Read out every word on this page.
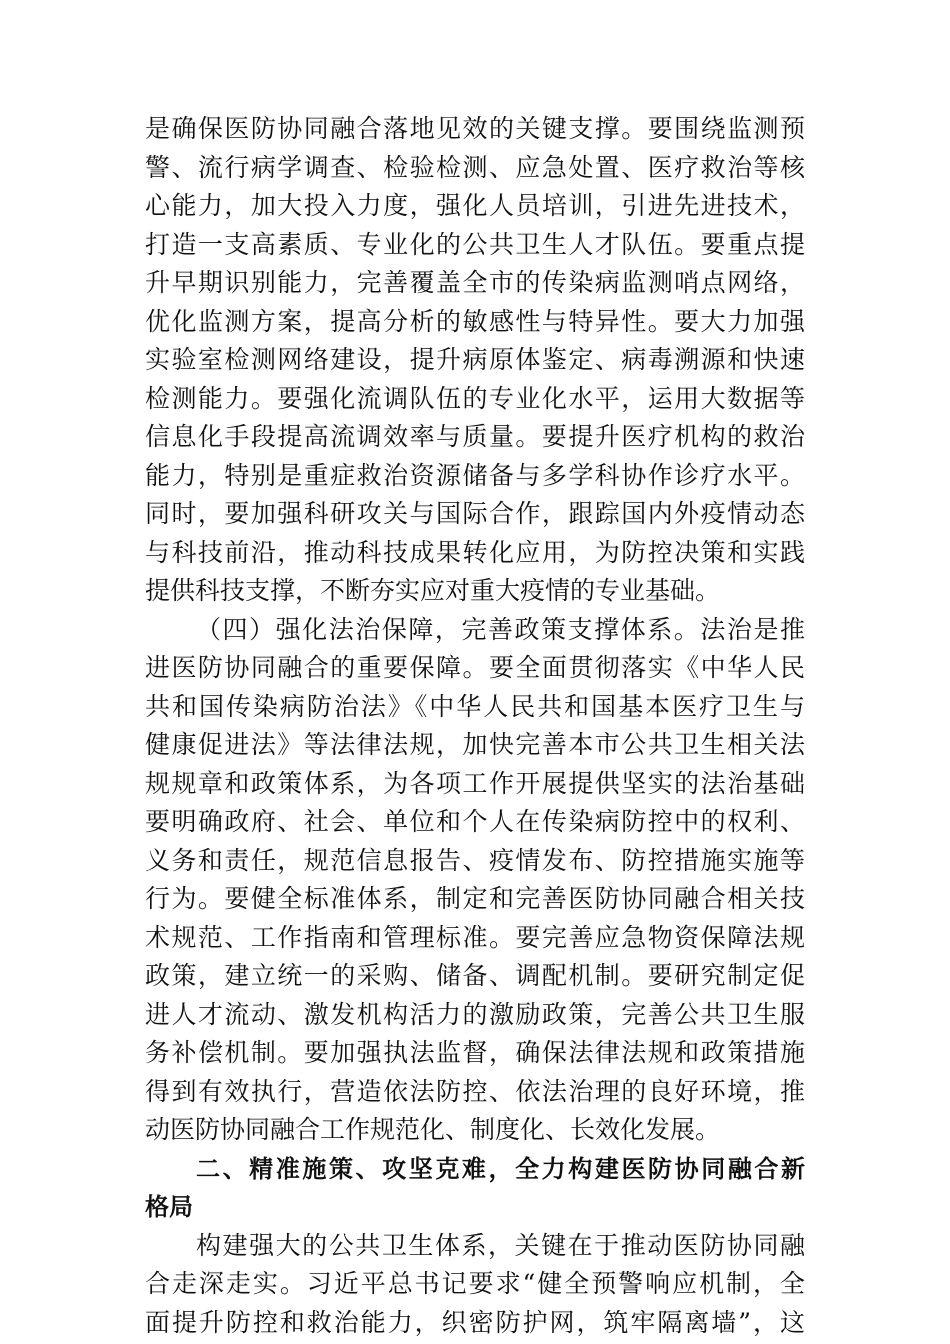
是确保医防协同融合落地见效的关键支撑。要围绕监测预
警、流行病学调查、检验检测、应急处置、医疗救治等核
心能力，加大投入力度，强化人员培训，引进先进技术，
打造一支高素质、专业化的公共卫生人才队伍。要重点提
升早期识别能力，完善覆盖全市的传染病监测哨点网络，
优化监测方案，提高分析的敏感性与特异性。要大力加强
实验室检测网络建设，提升病原体鉴定、病毒溯源和快速
检测能力。要强化流调队伍的专业化水平，运用大数据等
信息化手段提高流调效率与质量。要提升医疗机构的救治
能力，特别是重症救治资源储备与多学科协作诊疗水平。
同时，要加强科研攻关与国际合作，跟踪国内外疫情动态
与科技前沿，推动科技成果转化应用，为防控决策和实践
提供科技支撑，不断夯实应对重大疫情的专业基础。
（四）强化法治保障，完善政策支撑体系。法治是推
进医防协同融合的重要保障。要全面贯彻落实《中华人民
共和国传染病防治法》《中华人民共和国基本医疗卫生与
健康促进法》等法律法规，加快完善本市公共卫生相关法
规规章和政策体系，为各项工作开展提供坚实的法治基础
要明确政府、社会、单位和个人在传染病防控中的权利、
义务和责任，规范信息报告、疫情发布、防控措施实施等
行为。要健全标准体系，制定和完善医防协同融合相关技
术规范、工作指南和管理标准。要完善应急物资保障法规
政策，建立统一的采购、储备、调配机制。要研究制定促
进人才流动、激发机构活力的激励政策，完善公共卫生服
务补偿机制。要加强执法监督，确保法律法规和政策措施
得到有效执行，营造依法防控、依法治理的良好环境，推
动医防协同融合工作规范化、制度化、长效化发展。
二、精准施策、攻坚克难，全力构建医防协同融合新
格局
构建强大的公共卫生体系，关键在于推动医防协同融
合走深走实。习近平总书记要求“健全预警响应机制，全
面提升防控和救治能力，织密防护网，筑牢隔离墙”，这
